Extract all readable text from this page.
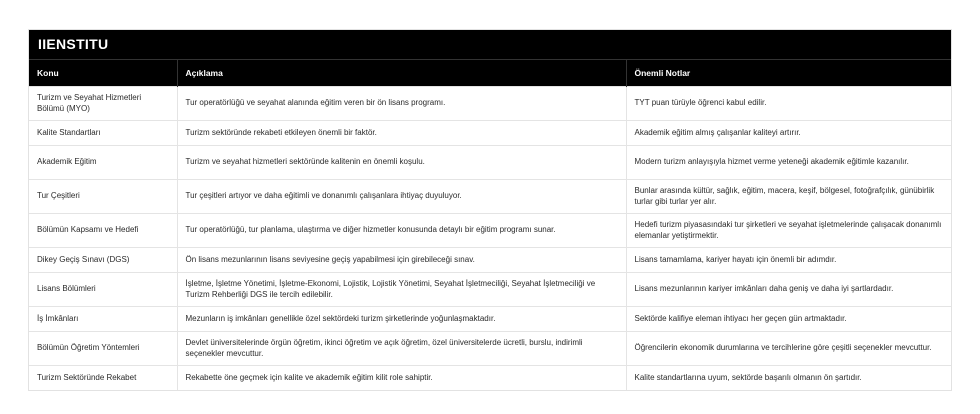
IIENSTITU
Konu	Açıklama	Önemli Notlar
Turizm ve Seyahat Hizmetleri Bölümü (MYO)	Tur operatörlüğü ve seyahat alanında eğitim veren bir ön lisans programı.	TYT puan türüyle öğrenci kabul edilir.
Kalite Standartları	Turizm sektöründe rekabeti etkileyen önemli bir faktör.	Akademik eğitim almış çalışanlar kaliteyi artırır.
Akademik Eğitim	Turizm ve seyahat hizmetleri sektöründe kalitenin en önemli koşulu.	Modern turizm anlayışıyla hizmet verme yeteneği akademik eğitimle kazanılır.
Tur Çeşitleri	Tur çeşitleri artıyor ve daha eğitimli ve donanımlı çalışanlara ihtiyaç duyuluyor.	Bunlar arasında kültür, sağlık, eğitim, macera, keşif, bölgesel, fotoğrafçılık, günübirlik turlar gibi turlar yer alır.
Bölümün Kapsamı ve Hedefi	Tur operatörlüğü, tur planlama, ulaştırma ve diğer hizmetler konusunda detaylı bir eğitim programı sunar.	Hedefi turizm piyasasındaki tur şirketleri ve seyahat işletmelerinde çalışacak donanımlı elemanlar yetiştirmektir.
Dikey Geçiş Sınavı (DGS)	Ön lisans mezunlarının lisans seviyesine geçiş yapabilmesi için girebileceği sınav.	Lisans tamamlama, kariyer hayatı için önemli bir adımdır.
Lisans Bölümleri	İşletme, İşletme Yönetimi, İşletme-Ekonomi, Lojistik, Lojistik Yönetimi, Seyahat İşletmeciliği, Seyahat İşletmeciliği ve Turizm Rehberliği DGS ile tercih edilebilir.	Lisans mezunlarının kariyer imkânları daha geniş ve daha iyi şartlardadır.
İş İmkânları	Mezunların iş imkânları genellikle özel sektördeki turizm şirketlerinde yoğunlaşmaktadır.	Sektörde kalifiye eleman ihtiyacı her geçen gün artmaktadır.
Bölümün Öğretim Yöntemleri	Devlet üniversitelerinde örgün öğretim, ikinci öğretim ve açık öğretim, özel üniversitelerde ücretli, burslu, indirimli seçenekler mevcuttur.	Öğrencilerin ekonomik durumlarına ve tercihlerine göre çeşitli seçenekler mevcuttur.
Turizm Sektöründe Rekabet	Rekabette öne geçmek için kalite ve akademik eğitim kilit role sahiptir.	Kalite standartlarına uyum, sektörde başarılı olmanın ön şartıdır.
